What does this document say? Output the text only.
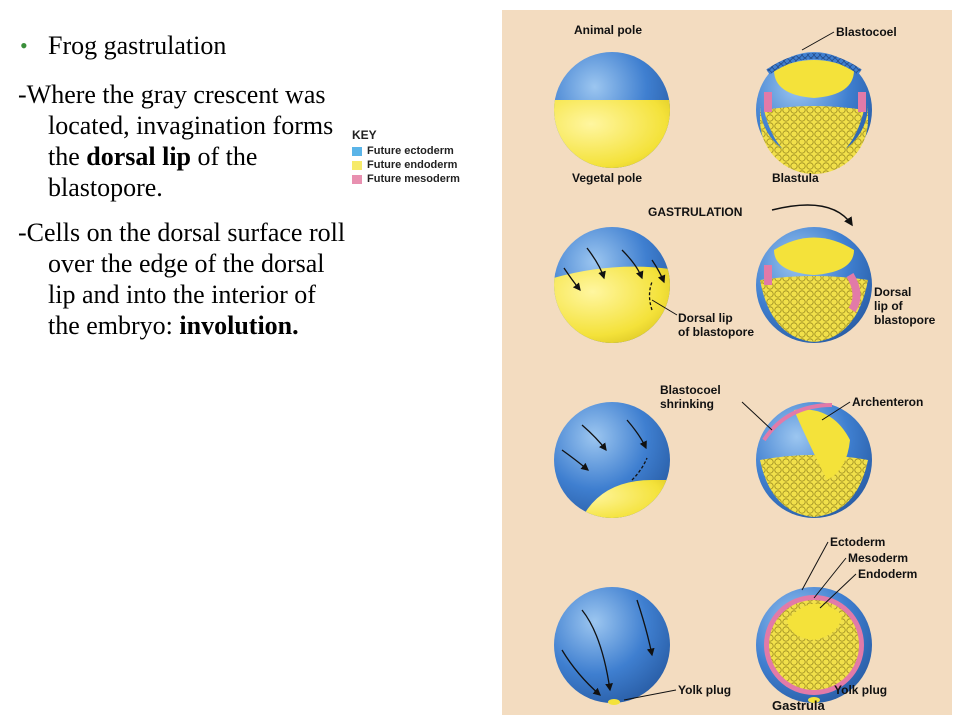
• Frog gastrulation
-Where the gray crescent was located, invagination forms the dorsal lip of the blastopore.
-Cells on the dorsal surface roll over the edge of the dorsal lip and into the interior of the embryo: involution.
KEY
Future ectoderm
Future endoderm
Future mesoderm
Animal pole
Vegetal pole
Blastocoel
Blastula
GASTRULATION
Dorsal lip
of blastopore
Dorsal
lip of
blastopore
Blastocoel
shrinking	Archenteron
Yolk plug
Ectoderm
Mesoderm
Endoderm
Yolk plug
Gastrula
